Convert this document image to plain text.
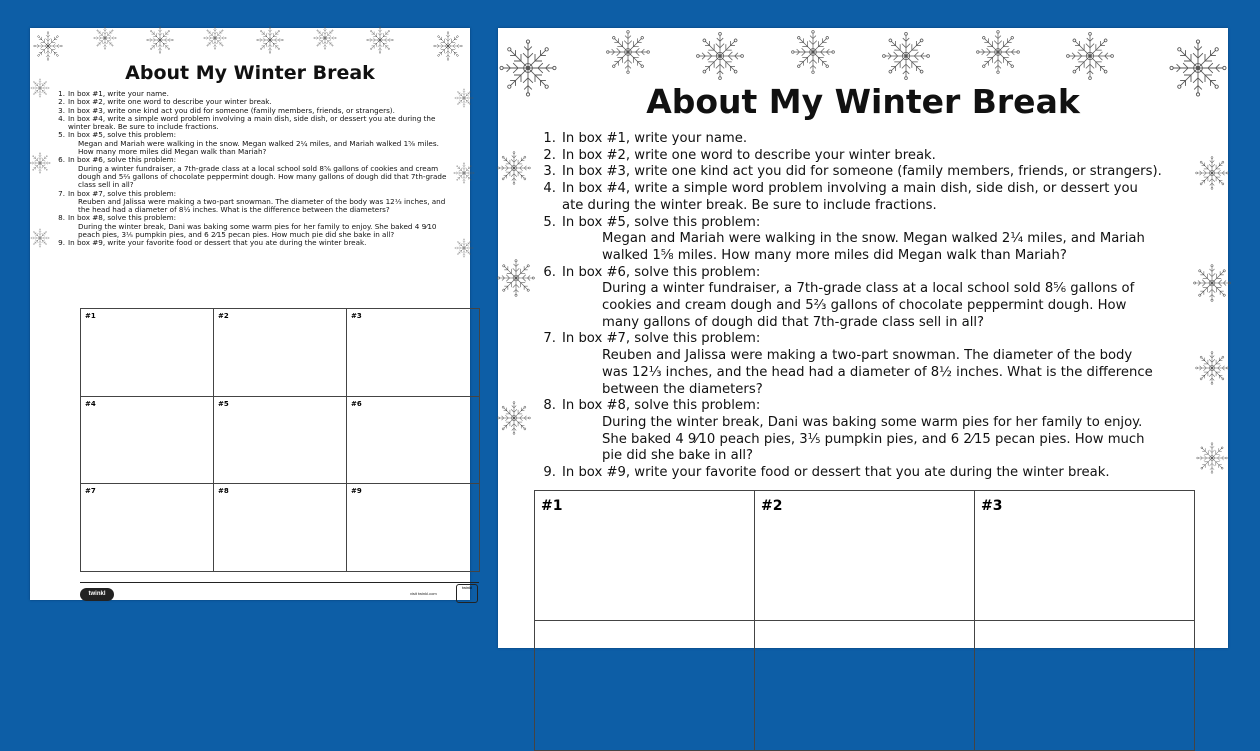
About My Winter Break
1. In box #1, write your name.
2. In box #2, write one word to describe your winter break.
3. In box #3, write one kind act you did for someone (family members, friends, or strangers).
4. In box #4, write a simple word problem involving a main dish, side dish, or dessert you ate during the winter break. Be sure to include fractions.
5. In box #5, solve this problem:
Megan and Mariah were walking in the snow. Megan walked 2¼ miles, and Mariah walked 1⅝ miles. How many more miles did Megan walk than Mariah?
6. In box #6, solve this problem:
During a winter fundraiser, a 7th-grade class at a local school sold 8⅚ gallons of cookies and cream dough and 5⅔ gallons of chocolate peppermint dough. How many gallons of dough did that 7th-grade class sell in all?
7. In box #7, solve this problem:
Reuben and Jalissa were making a two-part snowman. The diameter of the body was 12⅓ inches, and the head had a diameter of 8½ inches. What is the difference between the diameters?
8. In box #8, solve this problem:
During the winter break, Dani was baking some warm pies for her family to enjoy. She baked 4 9⁄10 peach pies, 3⅕ pumpkin pies, and 6 2⁄15 pecan pies. How much pie did she bake in all?
9. In box #9, write your favorite food or dessert that you ate during the winter break.
#1	#2	#3
#4	#5	#6
#7	#8	#9
twinkl	visit twinkl.com
twinkl
About My Winter Break
1. In box #1, write your name.
2. In box #2, write one word to describe your winter break.
3. In box #3, write one kind act you did for someone (family members, friends, or strangers).
4. In box #4, write a simple word problem involving a main dish, side dish, or dessert you ate during the winter break. Be sure to include fractions.
5. In box #5, solve this problem:
Megan and Mariah were walking in the snow. Megan walked 2¼ miles, and Mariah walked 1⅝ miles. How many more miles did Megan walk than Mariah?
6. In box #6, solve this problem:
During a winter fundraiser, a 7th-grade class at a local school sold 8⅚ gallons of cookies and cream dough and 5⅔ gallons of chocolate peppermint dough. How many gallons of dough did that 7th-grade class sell in all?
7. In box #7, solve this problem:
Reuben and Jalissa were making a two-part snowman. The diameter of the body was 12⅓ inches, and the head had a diameter of 8½ inches. What is the difference between the diameters?
8. In box #8, solve this problem:
During the winter break, Dani was baking some warm pies for her family to enjoy. She baked 4 9⁄10 peach pies, 3⅕ pumpkin pies, and 6 2⁄15 pecan pies. How much pie did she bake in all?
9. In box #9, write your favorite food or dessert that you ate during the winter break.
#1	#2	#3
